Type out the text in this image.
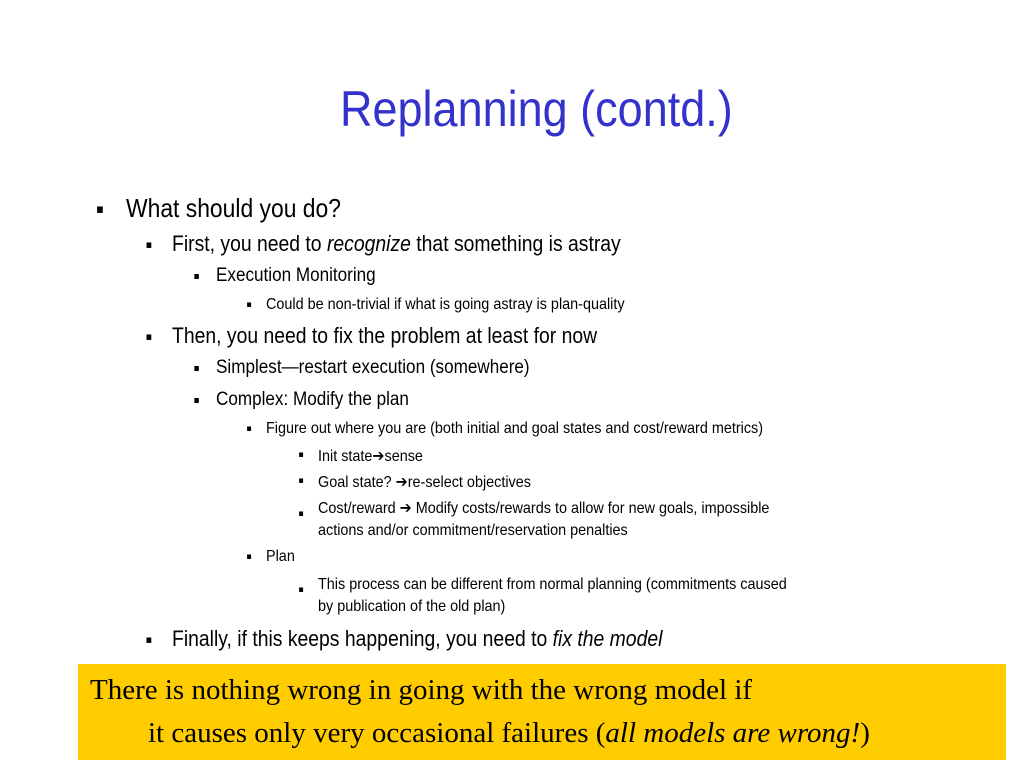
Replanning (contd.)
▪ What should you do?
▪ First, you need to recognize that something is astray
▪ Execution Monitoring
▪ Could be non-trivial if what is going astray is plan-quality
▪ Then, you need to fix the problem at least for now
▪ Simplest—restart execution (somewhere)
▪ Complex: Modify the plan
▪ Figure out where you are (both initial and goal states and cost/reward metrics)
▪ Init state➔sense
▪ Goal state? ➔re-select objectives
▪ Cost/reward ➔ Modify costs/rewards to allow for new goals, impossible
actions and/or commitment/reservation penalties
▪ Plan
▪ This process can be different from normal planning (commitments caused
by publication of the old plan)
▪ Finally, if this keeps happening, you need to fix the model
There is nothing wrong in going with the wrong model if
it causes only very occasional failures (all models are wrong!)
